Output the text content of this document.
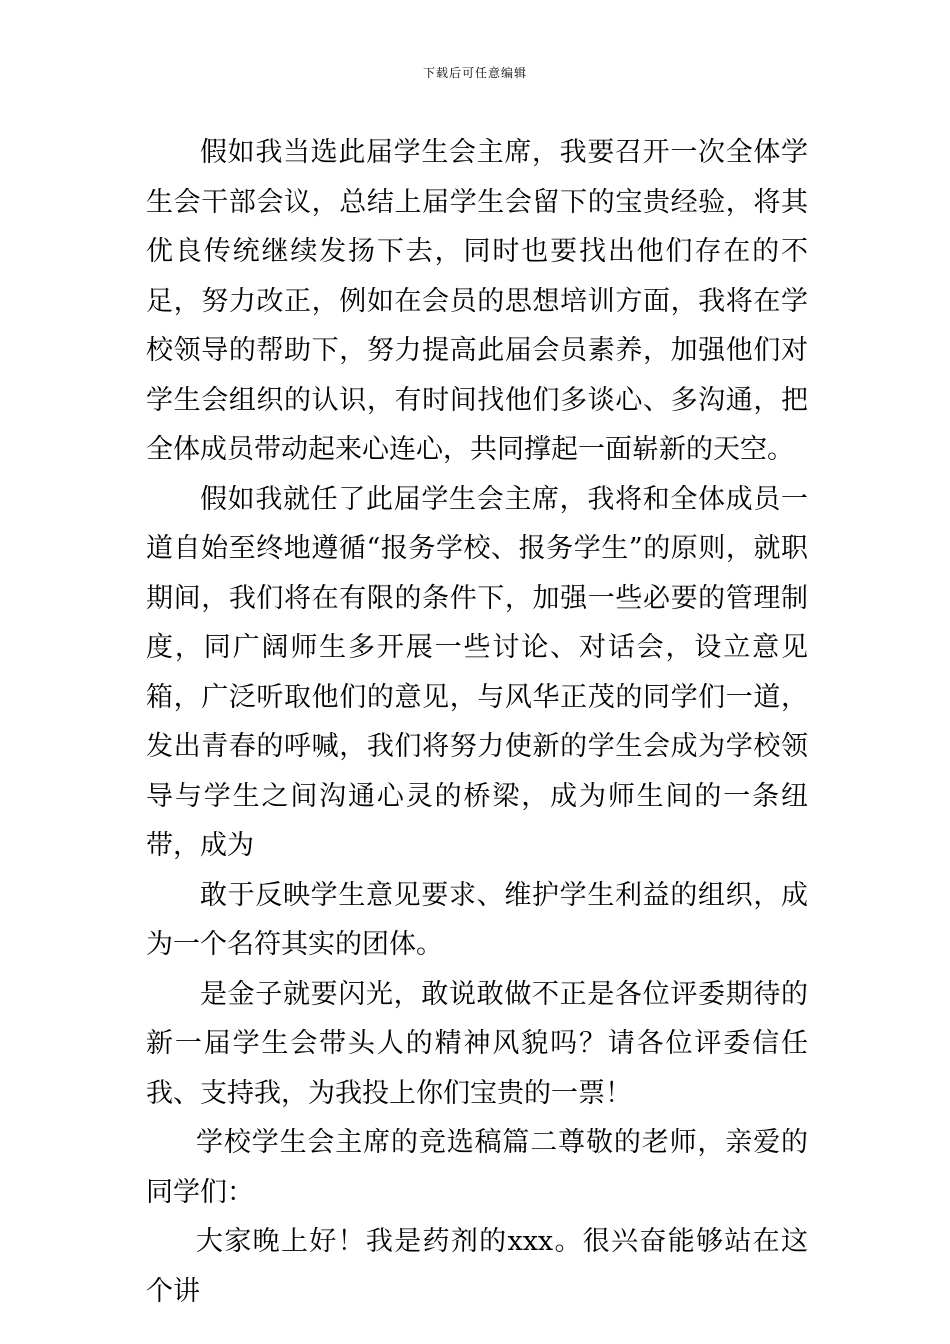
下载后可任意编辑

假如我当选此届学生会主席，我要召开一次全体学生会干部会议，总结上届学生会留下的宝贵经验，将其优良传统继续发扬下去，同时也要找出他们存在的不足，努力改正，例如在会员的思想培训方面，我将在学校领导的帮助下，努力提高此届会员素养，加强他们对学生会组织的认识，有时间找他们多谈心、多沟通，把全体成员带动起来心连心，共同撑起一面崭新的天空。

假如我就任了此届学生会主席，我将和全体成员一道自始至终地遵循“报务学校、报务学生”的原则，就职期间，我们将在有限的条件下，加强一些必要的管理制度，同广阔师生多开展一些讨论、对话会，设立意见箱，广泛听取他们的意见，与风华正茂的同学们一道，发出青春的呼喊，我们将努力使新的学生会成为学校领导与学生之间沟通心灵的桥梁，成为师生间的一条纽带，成为

敢于反映学生意见要求、维护学生利益的组织，成为一个名符其实的团体。

是金子就要闪光，敢说敢做不正是各位评委期待的新一届学生会带头人的精神风貌吗？请各位评委信任我、支持我，为我投上你们宝贵的一票！

学校学生会主席的竞选稿篇二尊敬的老师，亲爱的同学们：

大家晚上好！我是药剂的xxx。很兴奋能够站在这个讲
